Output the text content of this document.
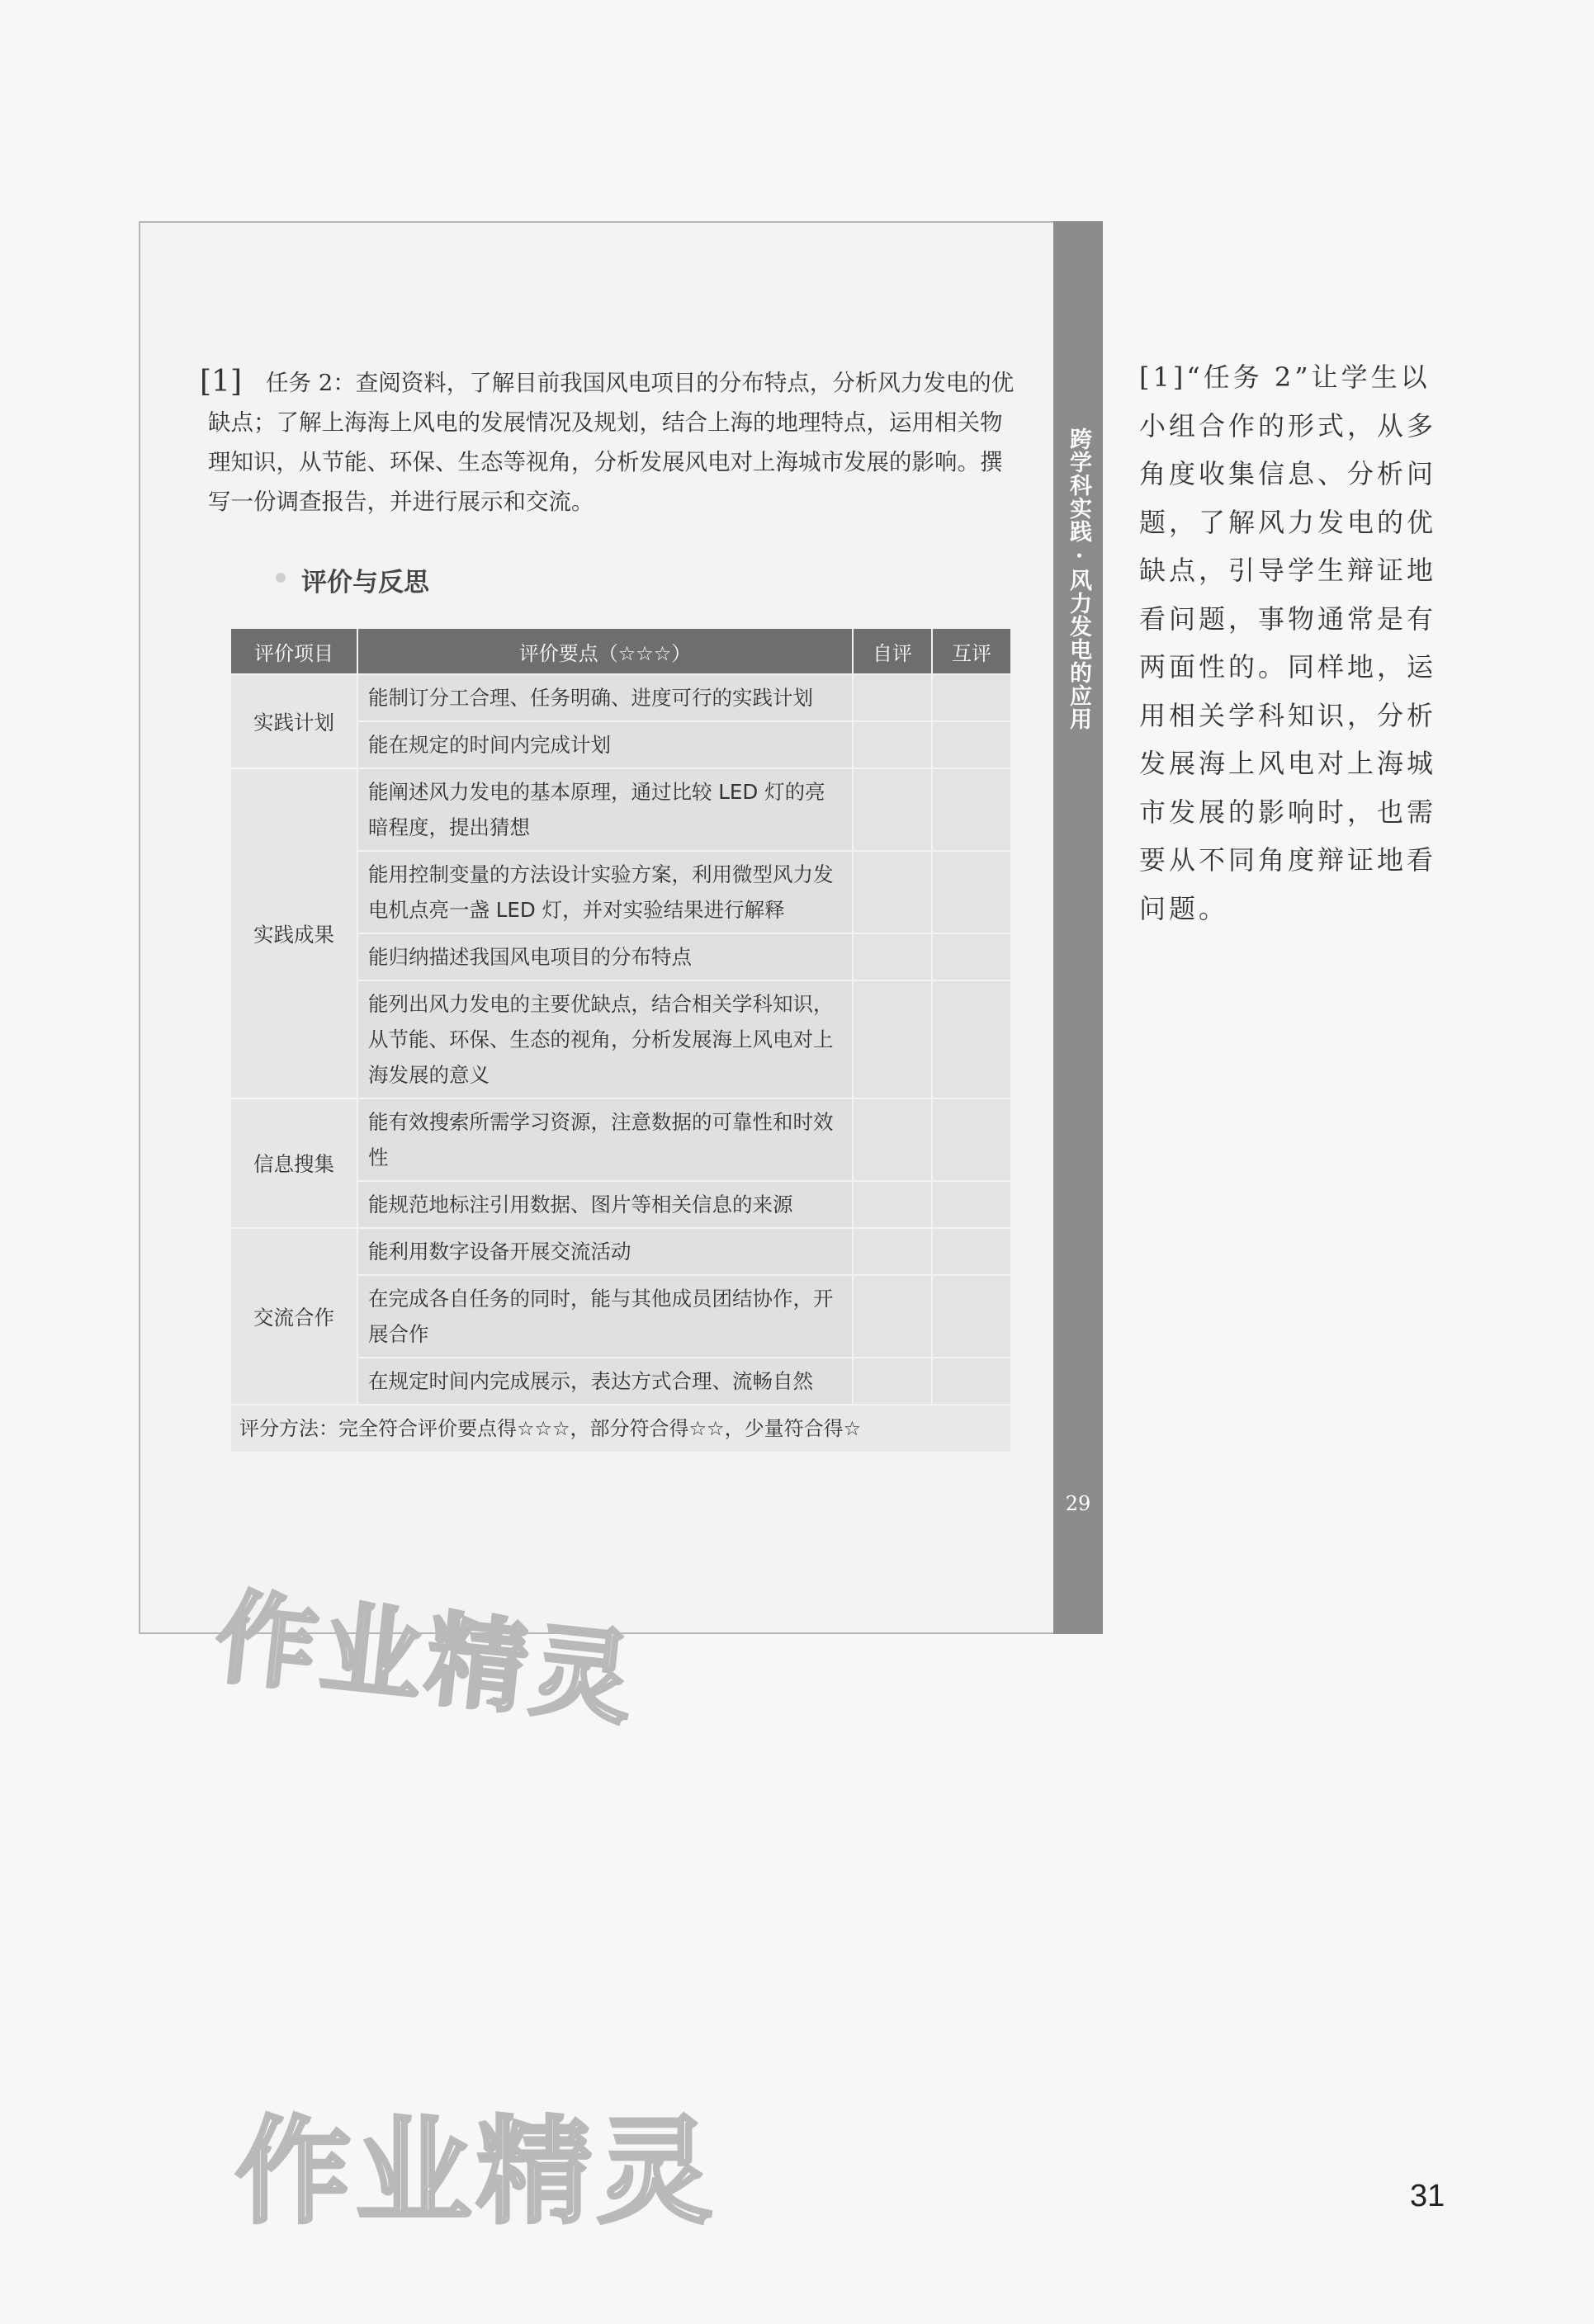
跨学科实践 · 风力发电的应用
29
[1]	任务 2：查阅资料，了解目前我国风电项目的分布特点，分析风力发电的优缺点；了解上海海上风电的发展情况及规划，结合上海的地理特点，运用相关物理知识，从节能、环保、生态等视角，分析发展风电对上海城市发展的影响。撰写一份调查报告，并进行展示和交流。
评价与反思
评价项目	评价要点（☆☆☆）	自评	互评
实践计划	能制订分工合理、任务明确、进度可行的实践计划		
	能在规定的时间内完成计划		
实践成果	能阐述风力发电的基本原理，通过比较 LED 灯的亮暗程度，提出猜想		
	能用控制变量的方法设计实验方案，利用微型风力发电机点亮一盏 LED 灯，并对实验结果进行解释		
	能归纳描述我国风电项目的分布特点		
	能列出风力发电的主要优缺点，结合相关学科知识，从节能、环保、生态的视角，分析发展海上风电对上海发展的意义		
信息搜集	能有效搜索所需学习资源，注意数据的可靠性和时效性		
	能规范地标注引用数据、图片等相关信息的来源		
交流合作	能利用数字设备开展交流活动		
	在完成各自任务的同时，能与其他成员团结协作，开展合作		
	在规定时间内完成展示，表达方式合理、流畅自然		
评分方法：完全符合评价要点得☆☆☆，部分符合得☆☆，少量符合得☆			
[1]“任务 2”让学生以小组合作的形式，从多角度收集信息、分析问题，了解风力发电的优缺点，引导学生辩证地看问题，事物通常是有两面性的。同样地，运用相关学科知识，分析发展海上风电对上海城市发展的影响时，也需要从不同角度辩证地看问题。
作业精灵
作业精灵	31
